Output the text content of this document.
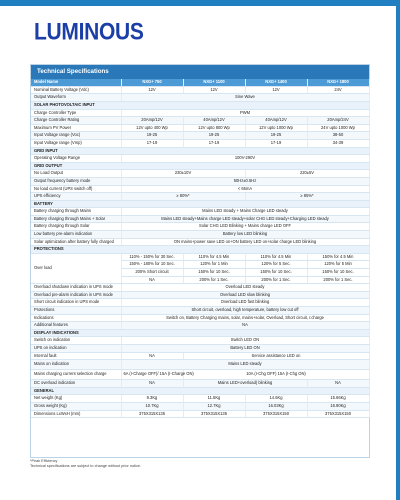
LUMINOUS
Technical Specifications
Model Name	NXG+ 750	NXG+ 1100	NXG+ 1400	NXG+ 1800
Nominal Battery Voltage (Vdc)	12V	12V	12V	24V
Output Waveform	Sine Wave			
SOLAR PHOTOVOLTAIC INPUT				
Charge Controller Type	PWM			
Charge Controller Rating	20Amp/12V	40Amp/12V	40Amp/12V	20Amp/24V
Maximum PV Power	12V upto 400 Wp	12V upto 800 Wp	12V upto 1000 Wp	24V upto 1000 Wp
Input Voltage range (Voc)	19-25	19-25	19-25	38-50
Input Voltage range (Vmp)	17-19	17-19	17-19	34-39
GRID INPUT				
Operating Voltage Range	100V-290V			
GRID OUTPUT				
No Load Output	230±10V		220±5V	
Output frequency battery mode	50Hz±0.5Hz			
No load current (UPS switch off)	< 65mA			
UPS efficiency	≥ 80%*		≥ 85%*	
BATTERY				
Battery charging through Mains	Mains LED steady + Mains Charge LED steady			
Battery charging through Mains + Solar	Mains LED steady+Mains charge LED steady+solar CHG LED steady+Charging LED steady			
Battery charging through Solar	Solar CHG LED Blinking + Mains charge LED OFF			
Low battery pre-alarm indication	Battery low LED blinking			
Solar optimization after battery fully charged	ON mains+power save LED on+ON battery LED on+solar charge LED blinking			
PROTECTIONS				
Over load	110% - 150% for 30 Sec.	110% for 4.5 Min	110% for 4.5 Min	150% for 4.5 Min
	150% - 180% for 10 Sec.	120% for 1 Min	120% for 5 Sec.	120% for 5 Min
	200% Short circuit	150% for 10 Sec.	150% for 10 Sec.	150% for 10 Sec.
	NA	200% for 1 Sec.	200% for 1 Sec.	200% for 1 Sec.
Overload shutdown indication in UPS mode	Overload LED steady			
Overload pre-alarm indication in UPS mode	Overload LED slow blinking			
Short circuit indication in UPS mode	Overload LED fast blinking			
Protections	Short circuit, overload, high temperature, battery low cut off			
Indications	Switch on, Battery Charging mains, solar, mains+solar, Overload, Short circuit, r.charge			
Additional features	NA			
DISPLAY INDICATIONS				
Switch on indication	Switch LED ON			
UPS on indication	Battery LED ON			
Internal fault	NA	Service assistance LED on		
Mains on indication	Mains LED steady			
Mains charging current selection charge	6A (I-Charge OFF)/ 15A (I-Charge ON)	10A (I-Chg OFF) 15A (I-Chg ON)		
DC overload indication	NA	Mains LED+overload) blinking		NA
GENERAL				
Net weight (Kg)	9.3Kg	11.5Kg	14.6Kg	15.66Kg
Gross weight (Kg)	10.7Kg	12.7Kg	16.03Kg	16.90Kg
Dimensions LxWxH (mm)	375X315X135	375X315X135	375X315X150	375X315X150
*Peak Efficiency
Technical specifications are subject to change without prior notice.
